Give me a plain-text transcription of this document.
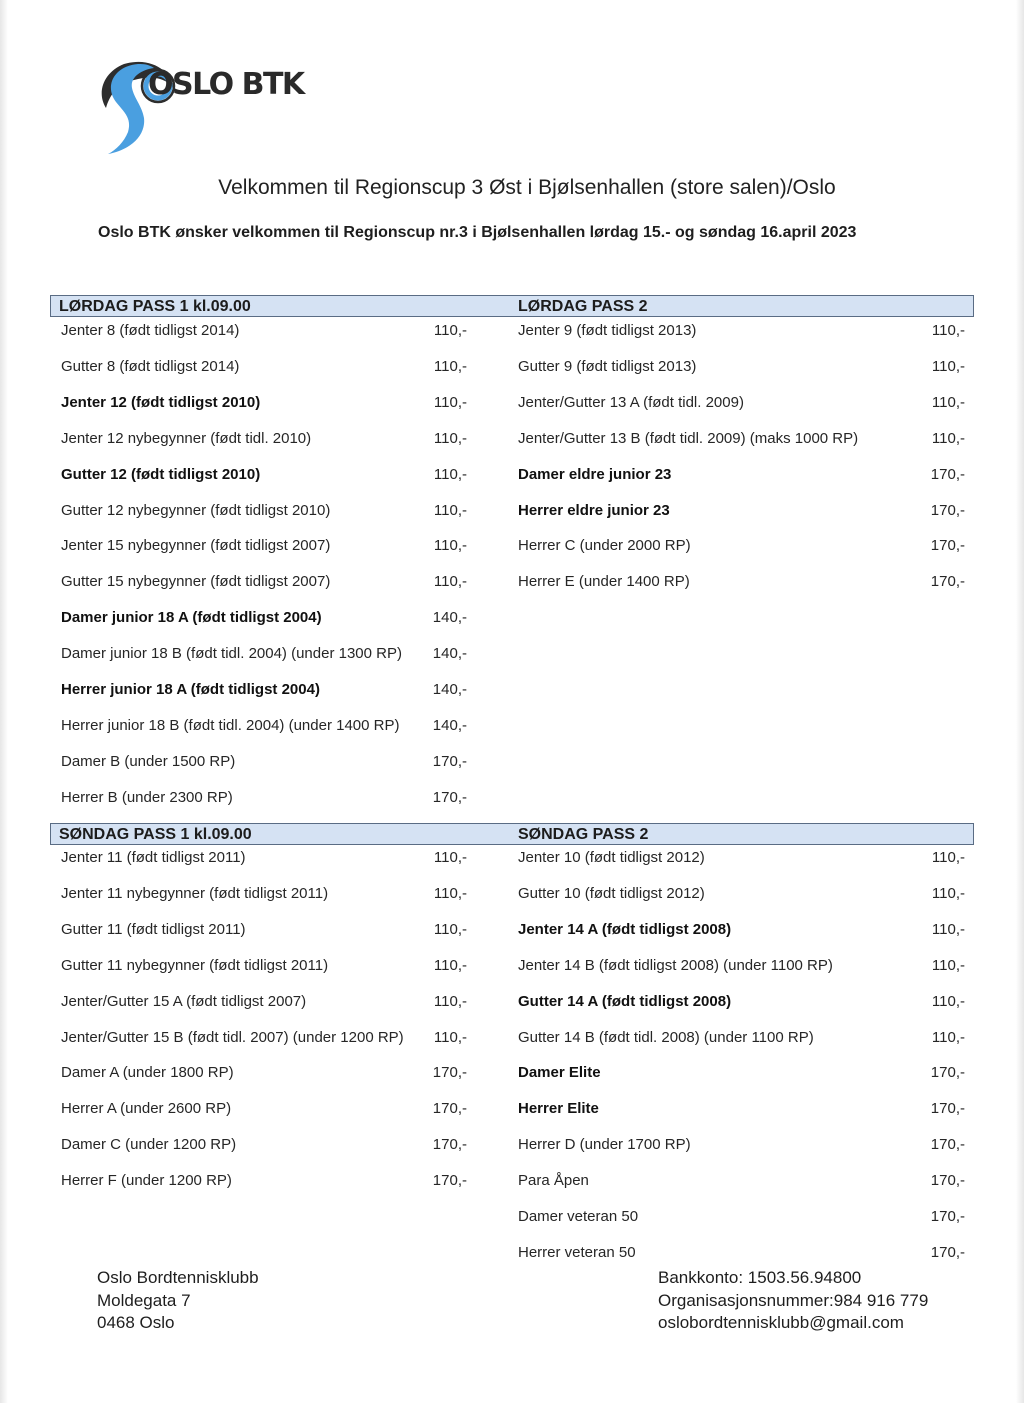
OSLO BTK
Velkommen til Regionscup 3 Øst i Bjølsenhallen (store salen)/Oslo
Oslo BTK ønsker velkommen til Regionscup nr.3 i Bjølsenhallen lørdag 15.- og søndag 16.april 2023
LØRDAG PASS 1 kl.09.00	LØRDAG PASS 2
Jenter 8 (født tidligst 2014)	110,-
Gutter 8 (født tidligst 2014)	110,-
Jenter 12 (født tidligst 2010)	110,-
Jenter 12 nybegynner (født tidl. 2010)	110,-
Gutter 12 (født tidligst 2010)	110,-
Gutter 12 nybegynner (født tidligst 2010)	110,-
Jenter 15 nybegynner (født tidligst 2007)	110,-
Gutter 15 nybegynner (født tidligst 2007)	110,-
Damer junior 18 A (født tidligst 2004)	140,-
Damer junior 18 B (født tidl. 2004) (under 1300 RP)	140,-
Herrer junior 18 A (født tidligst 2004)	140,-
Herrer junior 18 B (født tidl. 2004) (under 1400 RP)	140,-
Damer B (under 1500 RP)	170,-
Herrer B (under 2300 RP)	170,-
Jenter 9 (født tidligst 2013)	110,-
Gutter 9 (født tidligst 2013)	110,-
Jenter/Gutter 13 A (født tidl. 2009)	110,-
Jenter/Gutter 13 B (født tidl. 2009) (maks 1000 RP)	110,-
Damer eldre junior 23	170,-
Herrer eldre junior 23	170,-
Herrer C (under 2000 RP)	170,-
Herrer E (under 1400 RP)	170,-
SØNDAG PASS 1 kl.09.00	SØNDAG PASS 2
Jenter 11 (født tidligst 2011)	110,-
Jenter 11 nybegynner (født tidligst 2011)	110,-
Gutter 11 (født tidligst 2011)	110,-
Gutter 11 nybegynner (født tidligst 2011)	110,-
Jenter/Gutter 15 A (født tidligst 2007)	110,-
Jenter/Gutter 15 B (født tidl. 2007) (under 1200 RP)	110,-
Damer A (under 1800 RP)	170,-
Herrer A (under 2600 RP)	170,-
Damer C (under 1200 RP)	170,-
Herrer F (under 1200 RP)	170,-
Jenter 10 (født tidligst 2012)	110,-
Gutter 10 (født tidligst 2012)	110,-
Jenter 14 A (født tidligst 2008)	110,-
Jenter 14 B (født tidligst 2008) (under 1100 RP)	110,-
Gutter 14 A (født tidligst 2008)	110,-
Gutter 14 B (født tidl. 2008) (under 1100 RP)	110,-
Damer Elite	170,-
Herrer Elite	170,-
Herrer D (under 1700 RP)	170,-
Para Åpen	170,-
Damer veteran 50	170,-
Herrer veteran 50	170,-
Oslo Bordtennisklubb
Moldegata 7
0468 Oslo
Bankkonto: 1503.56.94800
Organisasjonsnummer:984 916 779
oslobordtennisklubb@gmail.com
